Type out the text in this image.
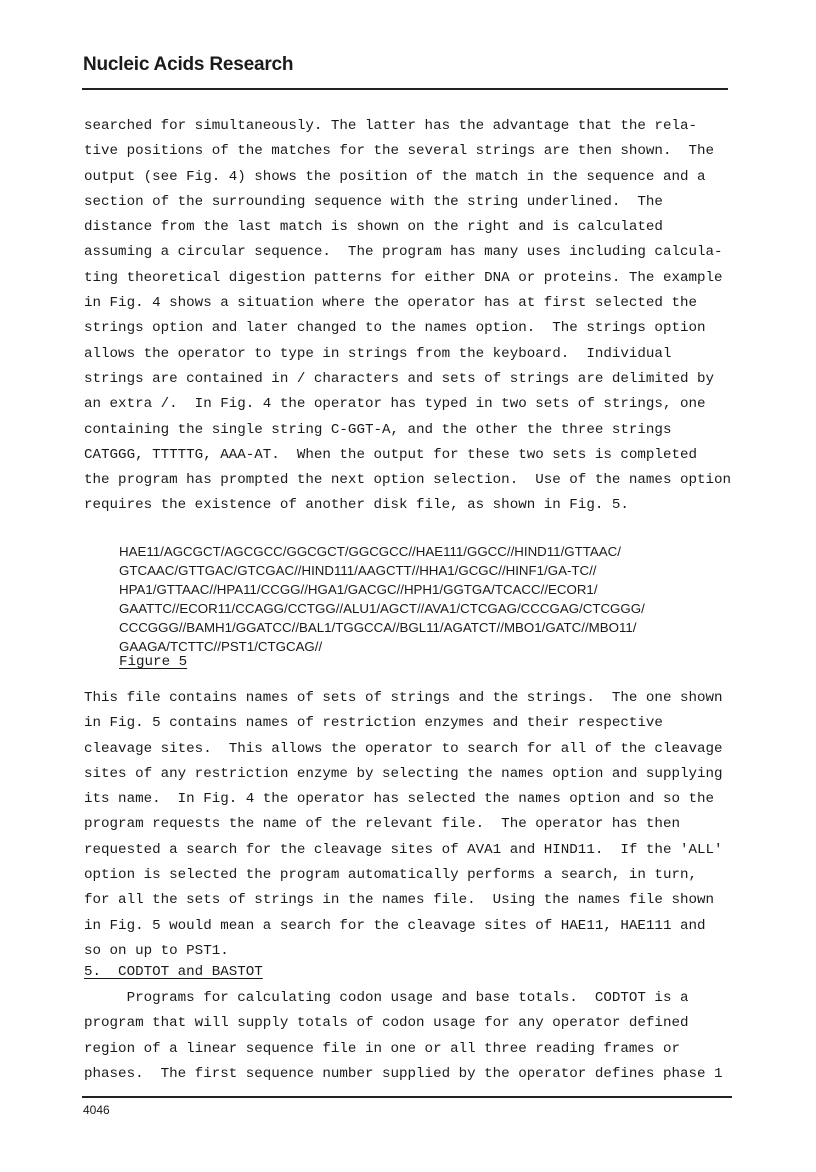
Nucleic Acids Research
searched for simultaneously. The latter has the advantage that the rela-
tive positions of the matches for the several strings are then shown.  The
output (see Fig. 4) shows the position of the match in the sequence and a
section of the surrounding sequence with the string underlined.  The
distance from the last match is shown on the right and is calculated
assuming a circular sequence.  The program has many uses including calcula-
ting theoretical digestion patterns for either DNA or proteins. The example
in Fig. 4 shows a situation where the operator has at first selected the
strings option and later changed to the names option.  The strings option
allows the operator to type in strings from the keyboard.  Individual
strings are contained in / characters and sets of strings are delimited by
an extra /.  In Fig. 4 the operator has typed in two sets of strings, one
containing the single string C-GGT-A, and the other the three strings
CATGGG, TTTTTG, AAA-AT.  When the output for these two sets is completed
the program has prompted the next option selection.  Use of the names option
requires the existence of another disk file, as shown in Fig. 5.
HAE11/AGCGCT/AGCGCC/GGCGCT/GGCGCC//HAE111/GGCC//HIND11/GTTAAC/
GTCAAC/GTTGAC/GTCGAC//HIND111/AAGCTT//HHA1/GCGC//HINF1/GA-TC//
HPA1/GTTAAC//HPA11/CCGG//HGA1/GACGC//HPH1/GGTGA/TCACC//ECOR1/
GAATTC//ECOR11/CCAGG/CCTGG//ALU1/AGCT//AVA1/CTCGAG/CCCGAG/CTCGGG/
CCCGGG//BAMH1/GGATCC//BAL1/TGGCCA//BGL11/AGATCT//MBO1/GATC//MBO11/
GAAGA/TCTTC//PST1/CTGCAG//
Figure 5
This file contains names of sets of strings and the strings.  The one shown
in Fig. 5 contains names of restriction enzymes and their respective
cleavage sites.  This allows the operator to search for all of the cleavage
sites of any restriction enzyme by selecting the names option and supplying
its name.  In Fig. 4 the operator has selected the names option and so the
program requests the name of the relevant file.  The operator has then
requested a search for the cleavage sites of AVA1 and HIND11.  If the 'ALL'
option is selected the program automatically performs a search, in turn,
for all the sets of strings in the names file.  Using the names file shown
in Fig. 5 would mean a search for the cleavage sites of HAE11, HAE111 and
so on up to PST1.
5.  CODTOT and BASTOT
Programs for calculating codon usage and base totals.  CODTOT is a
program that will supply totals of codon usage for any operator defined
region of a linear sequence file in one or all three reading frames or
phases.  The first sequence number supplied by the operator defines phase 1
4046
